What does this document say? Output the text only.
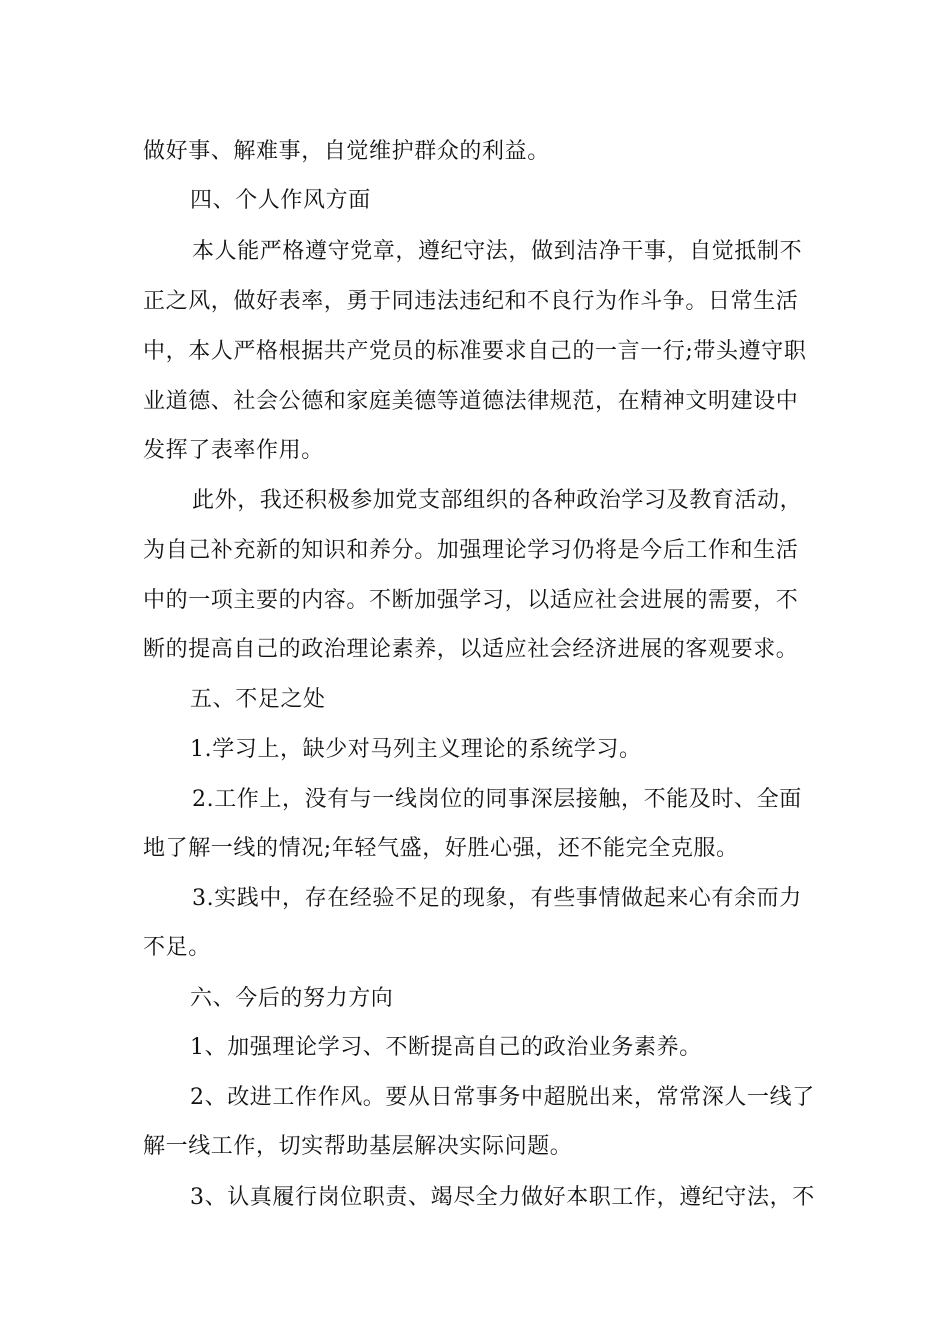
做好事、解难事，自觉维护群众的利益。
四、个人作风方面
本人能严格遵守党章，遵纪守法，做到洁净干事，自觉抵制不
正之风，做好表率，勇于同违法违纪和不良行为作斗争。日常生活
中，本人严格根据共产党员的标准要求自己的一言一行;带头遵守职
业道德、社会公德和家庭美德等道德法律规范，在精神文明建设中
发挥了表率作用。
此外，我还积极参加党支部组织的各种政治学习及教育活动，
为自己补充新的知识和养分。加强理论学习仍将是今后工作和生活
中的一项主要的内容。不断加强学习，以适应社会进展的需要，不
断的提高自己的政治理论素养，以适应社会经济进展的客观要求。
五、不足之处
1.学习上，缺少对马列主义理论的系统学习。
2.工作上，没有与一线岗位的同事深层接触，不能及时、全面
地了解一线的情况;年轻气盛，好胜心强，还不能完全克服。
3.实践中，存在经验不足的现象，有些事情做起来心有余而力
不足。
六、今后的努力方向
1、加强理论学习、不断提高自己的政治业务素养。
2、改进工作作风。要从日常事务中超脱出来，常常深人一线了
解一线工作，切实帮助基层解决实际问题。
3、认真履行岗位职责、竭尽全力做好本职工作，遵纪守法，不
